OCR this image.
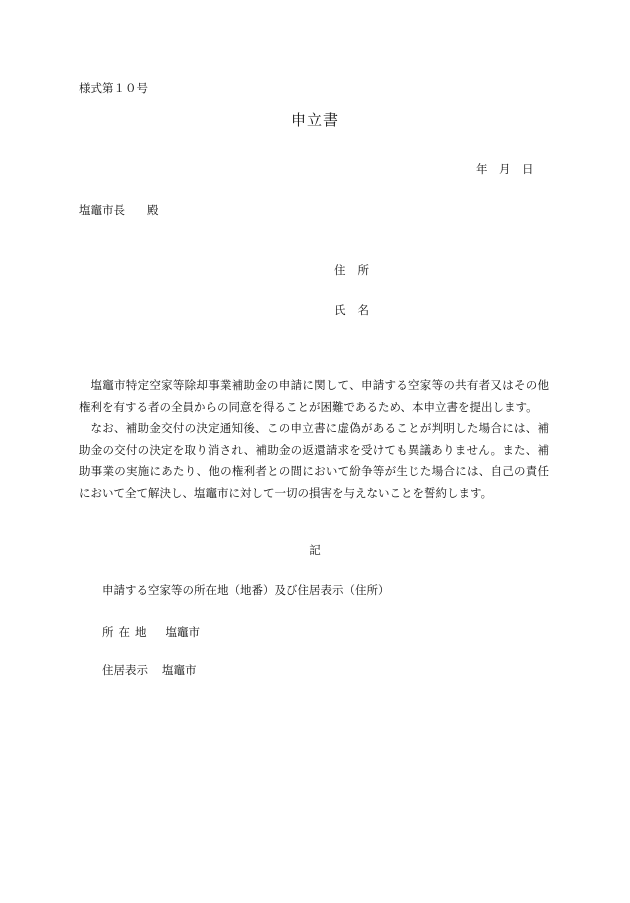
様式第１０号
申立書
年　月　日
塩竈市長 殿
住所
氏名

塩竈市特定空家等除却事業補助金の申請に関して、申請する空家等の共有者又はその他権利を有する者の全員からの同意を得ることが困難であるため、本申立書を提出します。

なお、補助金交付の決定通知後、この申立書に虚偽があることが判明した場合には、補助金の交付の決定を取り消され、補助金の返還請求を受けても異議ありません。また、補助事業の実施にあたり、他の権利者との間において紛争等が生じた場合には、自己の責任において全て解決し、塩竈市に対して一切の損害を与えないことを誓約します。

記
申請する空家等の所在地（地番）及び住居表示（住所）
所在地 塩竈市
住居表示 塩竈市
